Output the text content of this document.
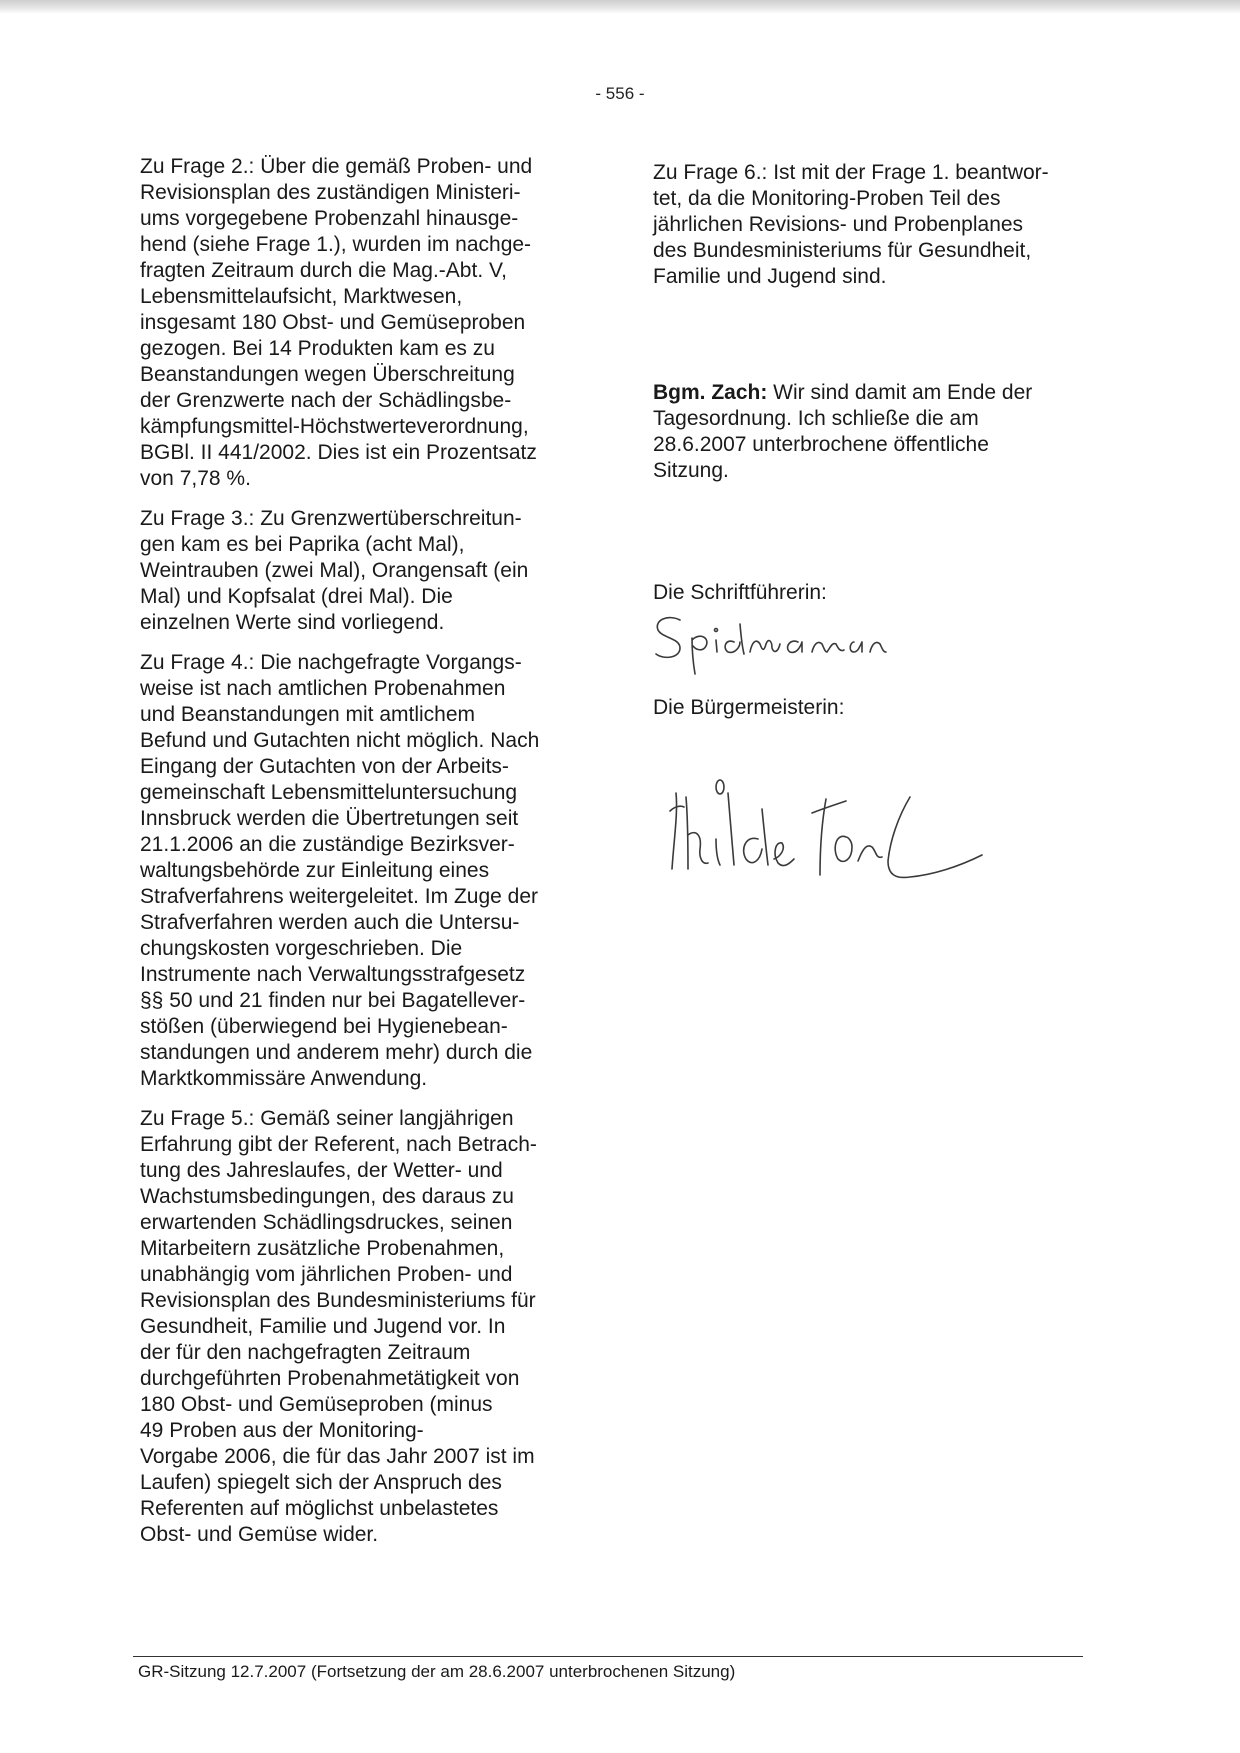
- 556 -

Zu Frage 2.: Über die gemäß Proben- und
Revisionsplan des zuständigen Ministeri-
ums vorgegebene Probenzahl hinausge-
hend (siehe Frage 1.), wurden im nachge-
fragten Zeitraum durch die Mag.-Abt. V,
Lebensmittelaufsicht, Marktwesen,
insgesamt 180 Obst- und Gemüseproben
gezogen. Bei 14 Produkten kam es zu
Beanstandungen wegen Überschreitung
der Grenzwerte nach der Schädlingsbe-
kämpfungsmittel-Höchstwerteverordnung,
BGBl. II 441/2002. Dies ist ein Prozentsatz
von 7,78 %.

Zu Frage 3.: Zu Grenzwertüberschreitun-
gen kam es bei Paprika (acht Mal),
Weintrauben (zwei Mal), Orangensaft (ein
Mal) und Kopfsalat (drei Mal). Die
einzelnen Werte sind vorliegend.

Zu Frage 4.: Die nachgefragte Vorgangs-
weise ist nach amtlichen Probenahmen
und Beanstandungen mit amtlichem
Befund und Gutachten nicht möglich. Nach
Eingang der Gutachten von der Arbeits-
gemeinschaft Lebensmitteluntersuchung
Innsbruck werden die Übertretungen seit
21.1.2006 an die zuständige Bezirksver-
waltungsbehörde zur Einleitung eines
Strafverfahrens weitergeleitet. Im Zuge der
Strafverfahren werden auch die Untersu-
chungskosten vorgeschrieben. Die
Instrumente nach Verwaltungsstrafgesetz
§§ 50 und 21 finden nur bei Bagatellever-
stößen (überwiegend bei Hygienebean-
standungen und anderem mehr) durch die
Marktkommissäre Anwendung.

Zu Frage 5.: Gemäß seiner langjährigen
Erfahrung gibt der Referent, nach Betrach-
tung des Jahreslaufes, der Wetter- und
Wachstumsbedingungen, des daraus zu
erwartenden Schädlingsdruckes, seinen
Mitarbeitern zusätzliche Probenahmen,
unabhängig vom jährlichen Proben- und
Revisionsplan des Bundesministeriums für
Gesundheit, Familie und Jugend vor. In
der für den nachgefragten Zeitraum
durchgeführten Probenahmetätigkeit von
180 Obst- und Gemüseproben (minus
49 Proben aus der Monitoring-
Vorgabe 2006, die für das Jahr 2007 ist im
Laufen) spiegelt sich der Anspruch des
Referenten auf möglichst unbelastetes
Obst- und Gemüse wider.

Zu Frage 6.: Ist mit der Frage 1. beantwor-
tet, da die Monitoring-Proben Teil des
jährlichen Revisions- und Probenplanes
des Bundesministeriums für Gesundheit,
Familie und Jugend sind.

Bgm. Zach: Wir sind damit am Ende der
Tagesordnung. Ich schließe die am
28.6.2007 unterbrochene öffentliche
Sitzung.

Die Schriftführerin:
Die Bürgermeisterin:
GR-Sitzung 12.7.2007 (Fortsetzung der am 28.6.2007 unterbrochenen Sitzung)
